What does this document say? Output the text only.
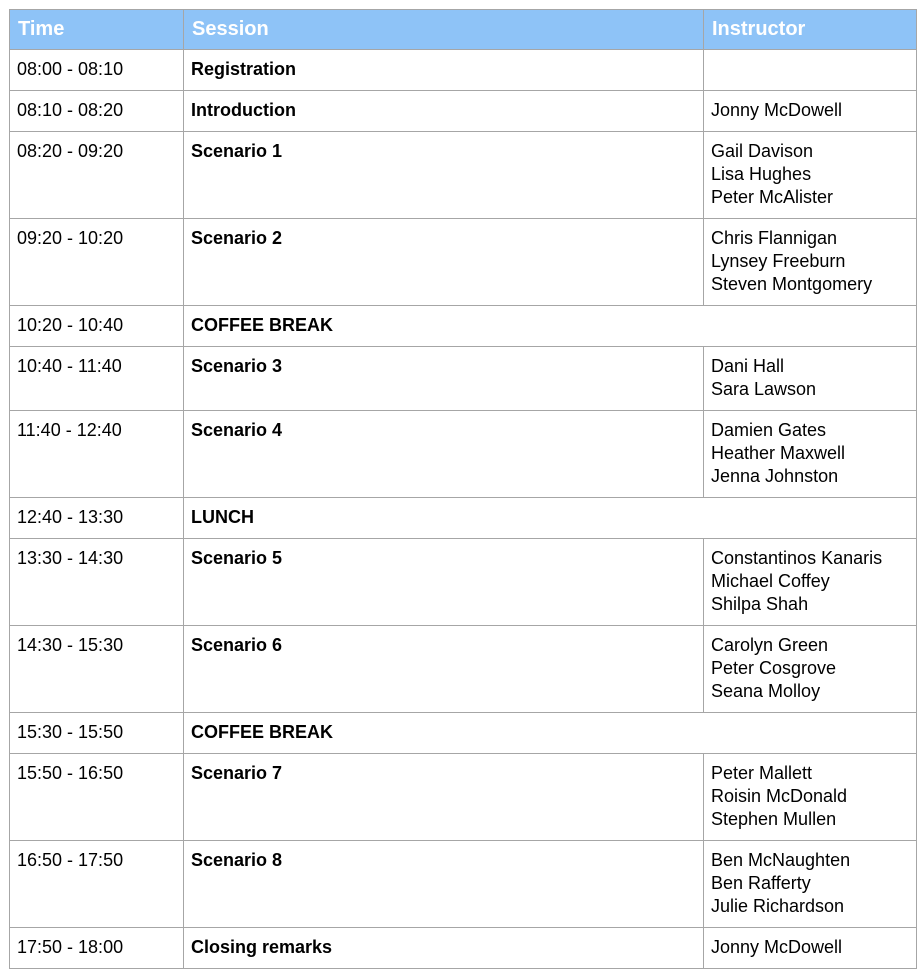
Time	Session	Instructor
08:00 - 08:10	Registration	
08:10 - 08:20	Introduction	Jonny McDowell

08:20 - 09:20	Scenario 1	Gail Davison
Lisa Hughes
Peter McAlister

09:20 - 10:20	Scenario 2	Chris Flannigan
Lynsey Freeburn
Steven Montgomery

10:20 - 10:40	COFFEE BREAK	
10:40 - 11:40	Scenario 3	Dani Hall
Sara Lawson

11:40 - 12:40	Scenario 4	Damien Gates
Heather Maxwell
Jenna Johnston

12:40 - 13:30	LUNCH	
13:30 - 14:30	Scenario 5	Constantinos Kanaris
Michael Coffey
Shilpa Shah

14:30 - 15:30	Scenario 6	Carolyn Green
Peter Cosgrove
Seana Molloy

15:30 - 15:50	COFFEE BREAK	
15:50 - 16:50	Scenario 7	Peter Mallett
Roisin McDonald
Stephen Mullen

16:50 - 17:50	Scenario 8	Ben McNaughten
Ben Rafferty
Julie Richardson

17:50 - 18:00	Closing remarks	Jonny McDowell
